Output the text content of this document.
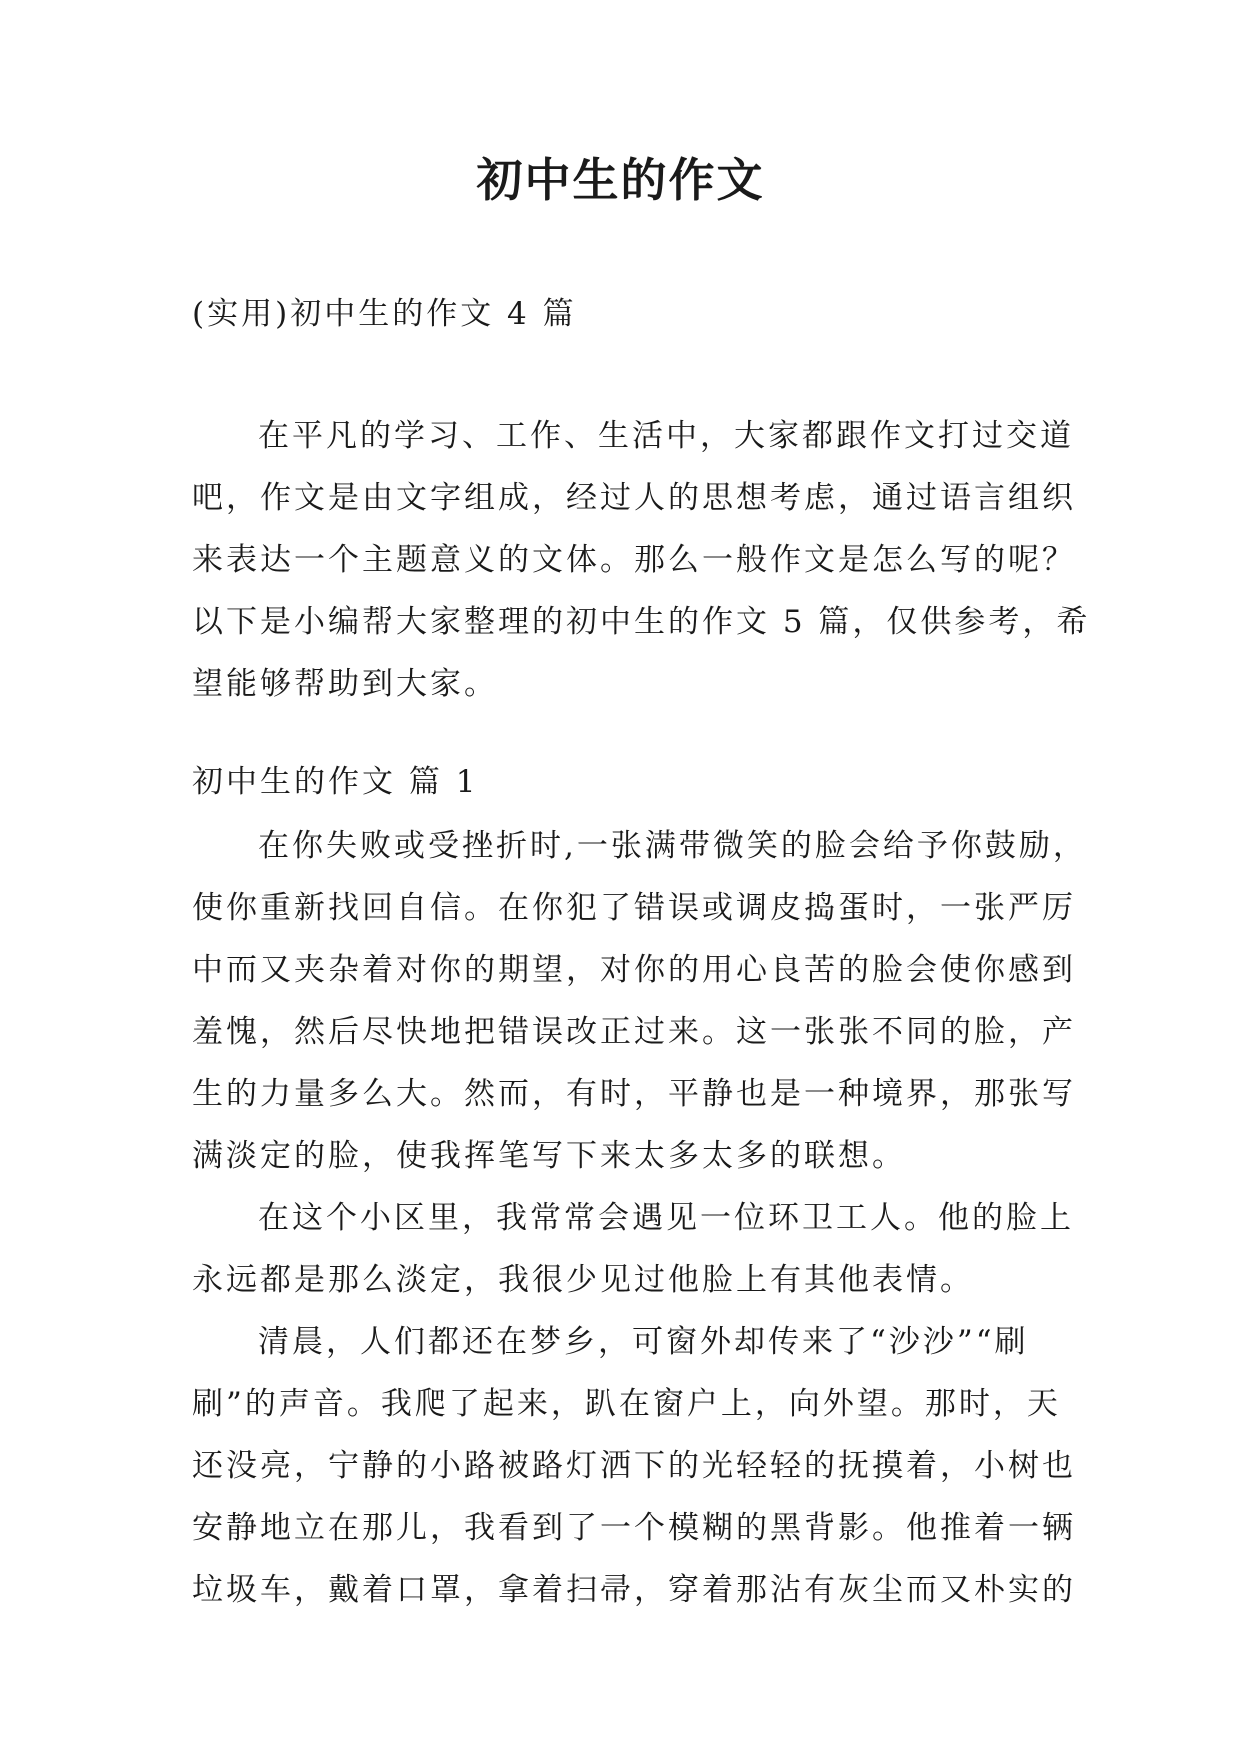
初中生的作文
(实用)初中生的作文 4 篇
在平凡的学习、工作、生活中，大家都跟作文打过交道
吧，作文是由文字组成，经过人的思想考虑，通过语言组织
来表达一个主题意义的文体。那么一般作文是怎么写的呢？
以下是小编帮大家整理的初中生的作文 5 篇，仅供参考，希
望能够帮助到大家。
初中生的作文 篇 1
在你失败或受挫折时,一张满带微笑的脸会给予你鼓励，
使你重新找回自信。在你犯了错误或调皮捣蛋时，一张严厉
中而又夹杂着对你的期望，对你的用心良苦的脸会使你感到
羞愧，然后尽快地把错误改正过来。这一张张不同的脸，产
生的力量多么大。然而，有时，平静也是一种境界，那张写
满淡定的脸，使我挥笔写下来太多太多的联想。
在这个小区里，我常常会遇见一位环卫工人。他的脸上
永远都是那么淡定，我很少见过他脸上有其他表情。
清晨，人们都还在梦乡，可窗外却传来了“沙沙”“刷
刷”的声音。我爬了起来，趴在窗户上，向外望。那时，天
还没亮，宁静的小路被路灯洒下的光轻轻的抚摸着，小树也
安静地立在那儿，我看到了一个模糊的黑背影。他推着一辆
垃圾车，戴着口罩，拿着扫帚，穿着那沾有灰尘而又朴实的
